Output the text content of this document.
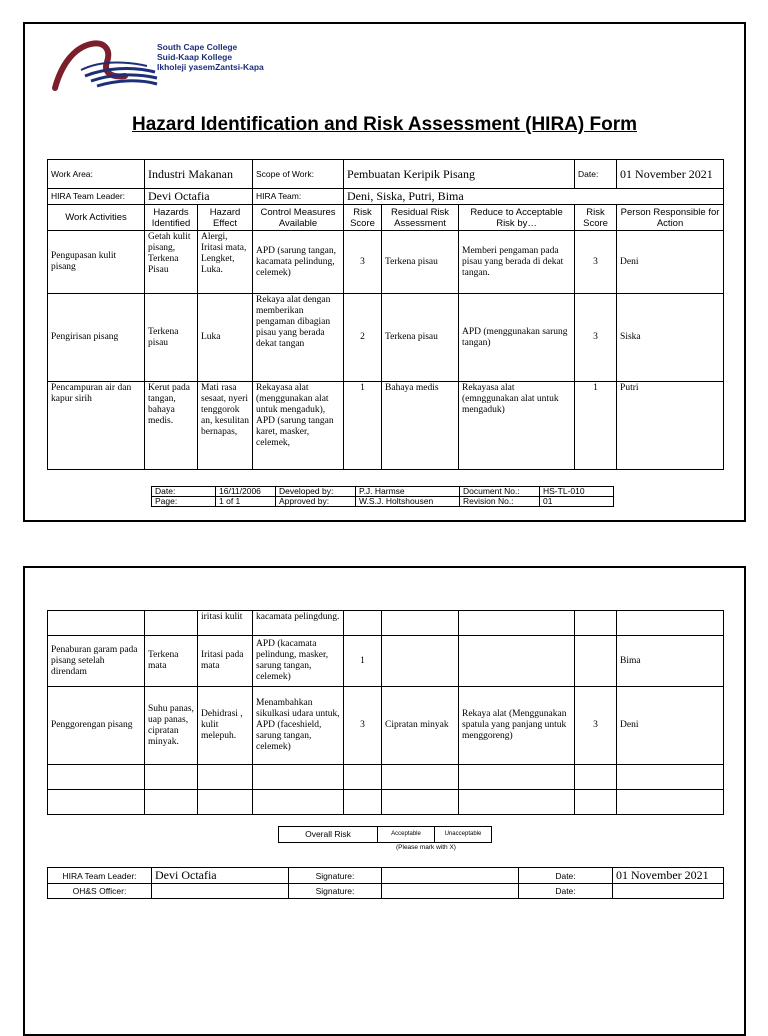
South Cape College
Suid-Kaap Kollege
Ikholeji yasemZantsi-Kapa
Hazard Identification and Risk Assessment (HIRA) Form
Work Area:	Industri Makanan		Scope of Work:	Pembuatan Keripik Pisang			Date:	01 November 2021
HIRA Team Leader:	Devi Octafia		HIRA Team:	Deni, Siska, Putri, Bima				
Work Activities	Hazards Identified	Hazard Effect	Control Measures Available	Risk Score	Residual Risk Assessment	Reduce to Acceptable Risk by…	Risk Score	Person Responsible for Action
Pengupasan kulit pisang	Getah kulit pisang, Terkena Pisau	Alergi, Iritasi mata, Lengket, Luka.	APD (sarung tangan, kacamata pelindung, celemek)	3	Terkena pisau	Memberi pengaman pada pisau yang berada di dekat tangan.	3	Deni
Pengirisan pisang	Terkena pisau	Luka	Rekaya alat dengan memberikan pengaman dibagian pisau yang berada dekat tangan	2	Terkena pisau	APD (menggunakan sarung tangan)	3	Siska
Pencampuran air dan kapur sirih	Kerut pada tangan, bahaya medis.	Mati rasa sesaat, nyeri tenggorok an, kesulitan bernapas,	Rekayasa alat (menggunakan alat untuk mengaduk), APD (sarung tangan karet, masker, celemek,	1	Bahaya medis	Rekayasa alat (emnggunakan alat untuk mengaduk)	1	Putri
Date:	16/11/2006	Developed by:	P.J. Harmse	Document No.:	HS-TL-010
Page:	1 of 1	Approved by:	W.S.J. Holtshousen	Revision No.:	01
		iritasi kulit	kacamata pelingdung.					
Penaburan garam pada pisang setelah direndam	Terkena mata	Iritasi pada mata	APD (kacamata pelindung, masker, sarung tangan, celemek)	1				Bima
Penggorengan pisang	Suhu panas, uap panas, cipratan minyak.	Dehidrasi , kulit melepuh.	Menambahkan sikulkasi udara untuk, APD (faceshield, sarung tangan, celemek)	3	Cipratan minyak	Rekaya alat (Menggunakan spatula yang panjang untuk menggoreng)	3	Deni

Overall Risk	Acceptable	Unacceptable
(Please mark with X)
HIRA Team Leader:	Devi Octafia	Signature:		Date:	01 November 2021
OH&S Officer:		Signature:		Date:	
